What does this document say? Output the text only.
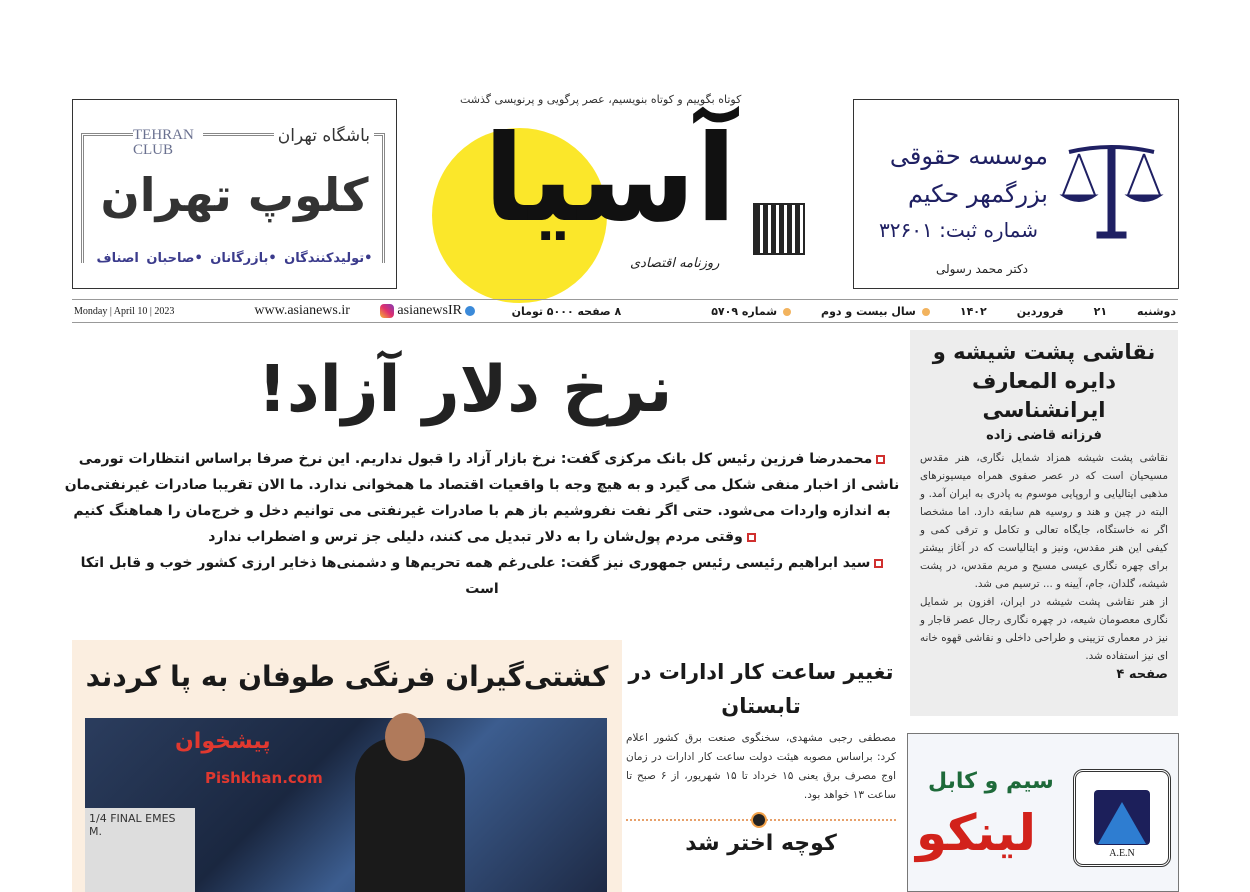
باشگاه تهران
TEHRAN CLUB
کلوپ تهران
•تولیدکنندگان •بازرگانان •صاحبان اصناف
کوتاه بگوییم و کوتاه بنویسیم، عصر پرگویی و پرنویسی گذشت
آسیا
روزنامه اقتصادی
موسسه حقوقی
بزرگمهر حکیم
شماره ثبت: ۳۲۶۰۱
دکتر محمد رسولی
Monday | April 10 | 2023	www.asianews.ir	asianewsIR	دوشنبه
۲۱
فروردین
۱۴۰۲
سال بیست و دوم
شماره ۵۷۰۹
۸ صفحه ۵۰۰۰ تومان
نقاشی پشت شیشه و دایره المعارف ایرانشناسی
فرزانه قاضی زاده

نقاشی پشت شیشه همزاد شمایل نگاری، هنر مقدس مسیحیان است که در عصر صفوی همراه میسیونرهای مذهبی ایتالیایی و اروپایی موسوم به پادری به ایران آمد. و البته در چین و هند و روسیه هم سابقه دارد. اما مشخصا اگر نه خاستگاه، جایگاه تعالی و تکامل و ترقی کمی و کیفی این هنر مقدس، ونیز و ایتالیاست که در آغاز بیشتر برای چهره نگاری عیسی مسیح و مریم مقدس، در پشت شیشه، گلدان، جام، آیینه و ... ترسیم می شد.

از هنر نقاشی پشت شیشه در ایران، افزون بر شمایل نگاری معصومان شیعه، در چهره نگاری رجال عصر قاجار و نیز در معماری تزیینی و طراحی داخلی و نقاشی قهوه خانه ای نیز استفاده شد.

صفحه ۴
نرخ دلار آزاد!
محمدرضا فرزین رئیس کل بانک مرکزی گفت: نرخ بازار آزاد را قبول نداریم. این نرخ صرفا براساس انتظارات تورمی ناشی از اخبار منفی شکل می گیرد و به هیچ وجه با واقعیات اقتصاد ما همخوانی ندارد. ما الان تقریبا صادرات غیرنفتی‌مان به اندازه واردات می‌شود. حتی اگر نفت نفروشیم باز هم با صادرات غیرنفتی می توانیم دخل و خرج‌مان را هماهنگ کنیم
وقتی مردم پول‌شان را به دلار تبدیل می کنند، دلیلی جز ترس و اضطراب ندارد
سید ابراهیم رئیسی رئیس جمهوری نیز گفت: علی‌رغم همه تحریم‌ها و دشمنی‌ها ذخایر ارزی کشور خوب و قابل اتکا است
کشتی‌گیران فرنگی طوفان به پا کردند
1/4 FINAL EMES M.
پیشخوان
Pishkhan.com
تغییر ساعت کار ادارات در تابستان

مصطفی رجبی مشهدی، سخنگوی صنعت برق کشور اعلام کرد: براساس مصوبه هیئت دولت ساعت کار ادارات در زمان اوج مصرف برق یعنی ۱۵ خرداد تا ۱۵ شهریور، از ۶ صبح تا ساعت ۱۳ خواهد بود.

کوچه اختر شد
سیم و کابل
لینکو	A.E.N
